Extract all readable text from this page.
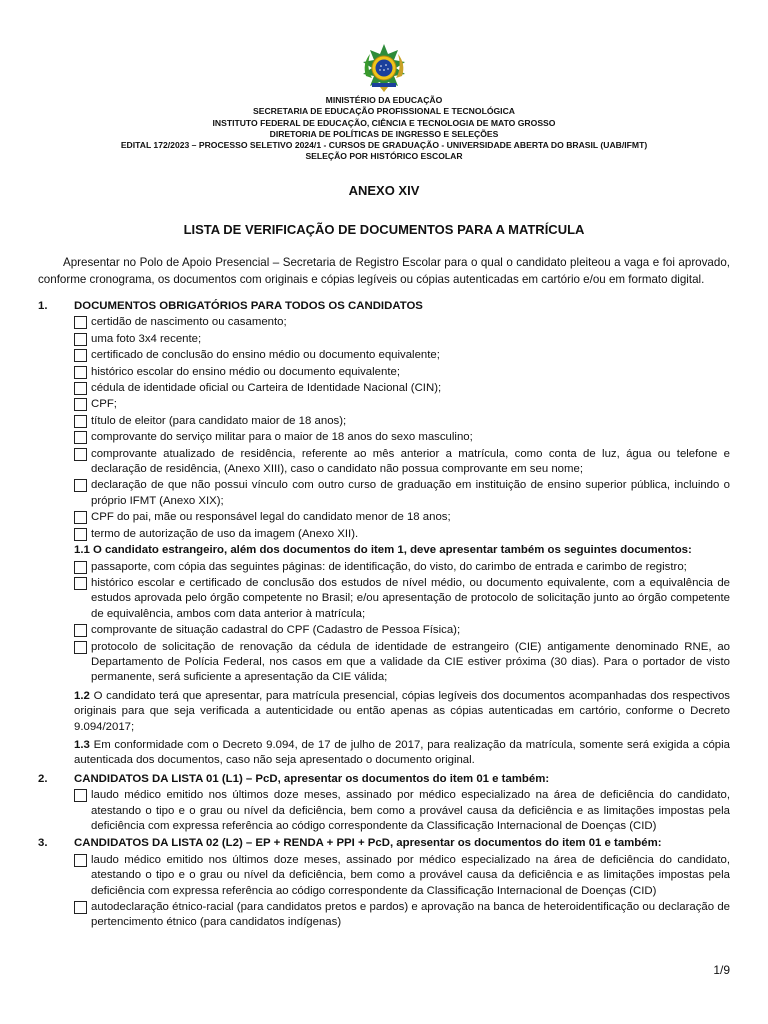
MINISTÉRIO DA EDUCAÇÃO
SECRETARIA DE EDUCAÇÃO PROFISSIONAL E TECNOLÓGICA
INSTITUTO FEDERAL DE EDUCAÇÃO, CIÊNCIA E TECNOLOGIA DE MATO GROSSO
DIRETORIA DE POLÍTICAS DE INGRESSO E SELEÇÕES
EDITAL 172/2023 – PROCESSO SELETIVO 2024/1 - CURSOS DE GRADUAÇÃO - UNIVERSIDADE ABERTA DO BRASIL (UAB/IFMT)
SELEÇÃO POR HISTÓRICO ESCOLAR
ANEXO XIV
LISTA DE VERIFICAÇÃO DE DOCUMENTOS PARA A MATRÍCULA
Apresentar no Polo de Apoio Presencial – Secretaria de Registro Escolar para o qual o candidato pleiteou a vaga e foi aprovado, conforme cronograma, os documentos com originais e cópias legíveis ou cópias autenticadas em cartório e/ou em formato digital.
1.	DOCUMENTOS OBRIGATÓRIOS PARA TODOS OS CANDIDATOS
certidão de nascimento ou casamento;
uma foto 3x4 recente;
certificado de conclusão do ensino médio ou documento equivalente;
histórico escolar do ensino médio ou documento equivalente;
cédula de identidade oficial ou Carteira de Identidade Nacional (CIN);
CPF;
título de eleitor (para candidato maior de 18 anos);
comprovante do serviço militar para o maior de 18 anos do sexo masculino;
comprovante atualizado de residência, referente ao mês anterior a matrícula, como conta de luz, água ou telefone e declaração de residência, (Anexo XIII), caso o candidato não possua comprovante em seu nome;
declaração de que não possui vínculo com outro curso de graduação em instituição de ensino superior pública, incluindo o próprio IFMT (Anexo XIX);
CPF do pai, mãe ou responsável legal do candidato menor de 18 anos;
termo de autorização de uso da imagem (Anexo XII).
1.1 O candidato estrangeiro, além dos documentos do item 1, deve apresentar também os seguintes documentos:
passaporte, com cópia das seguintes páginas: de identificação, do visto, do carimbo de entrada e carimbo de registro;
histórico escolar e certificado de conclusão dos estudos de nível médio, ou documento equivalente, com a equivalência de estudos aprovada pelo órgão competente no Brasil; e/ou apresentação de protocolo de solicitação junto ao órgão competente de equivalência, ambos com data anterior à matrícula;
comprovante de situação cadastral do CPF (Cadastro de Pessoa Física);
protocolo de solicitação de renovação da cédula de identidade de estrangeiro (CIE) antigamente denominado RNE, ao Departamento de Polícia Federal, nos casos em que a validade da CIE estiver próxima (30 dias). Para o portador de visto permanente, será suficiente a apresentação da CIE válida;
1.2 O candidato terá que apresentar, para matrícula presencial, cópias legíveis dos documentos acompanhadas dos respectivos originais para que seja verificada a autenticidade ou então apenas as cópias autenticadas em cartório, conforme o Decreto 9.094/2017;
1.3 Em conformidade com o Decreto 9.094, de 17 de julho de 2017, para realização da matrícula, somente será exigida a cópia autenticada dos documentos, caso não seja apresentado o documento original.
2.	CANDIDATOS DA LISTA 01 (L1) – PcD, apresentar os documentos do item 01 e também:
laudo médico emitido nos últimos doze meses, assinado por médico especializado na área de deficiência do candidato, atestando o tipo e o grau ou nível da deficiência, bem como a provável causa da deficiência e as limitações impostas pela deficiência com expressa referência ao código correspondente da Classificação Internacional de Doenças (CID)
3.	CANDIDATOS DA LISTA 02 (L2) – EP + RENDA + PPI + PcD, apresentar os documentos do item 01 e também:
laudo médico emitido nos últimos doze meses, assinado por médico especializado na área de deficiência do candidato, atestando o tipo e o grau ou nível da deficiência, bem como a provável causa da deficiência e as limitações impostas pela deficiência com expressa referência ao código correspondente da Classificação Internacional de Doenças (CID)
autodeclaração étnico-racial (para candidatos pretos e pardos) e aprovação na banca de heteroidentificação ou declaração de pertencimento étnico (para candidatos indígenas)
1/9
